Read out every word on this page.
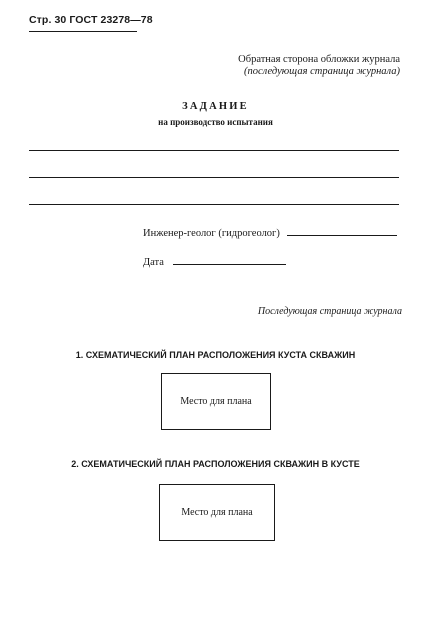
Стр. 30 ГОСТ 23278—78
Обратная сторона обложки журнала
(последующая страница журнала)
ЗАДАНИЕ
на производство испытания
Инженер-геолог (гидрогеолог)
Дата
Последующая страница журнала
1. СХЕМАТИЧЕСКИЙ ПЛАН РАСПОЛОЖЕНИЯ КУСТА СКВАЖИН
Место для плана
2. СХЕМАТИЧЕСКИЙ ПЛАН РАСПОЛОЖЕНИЯ СКВАЖИН В КУСТЕ
Место для плана
